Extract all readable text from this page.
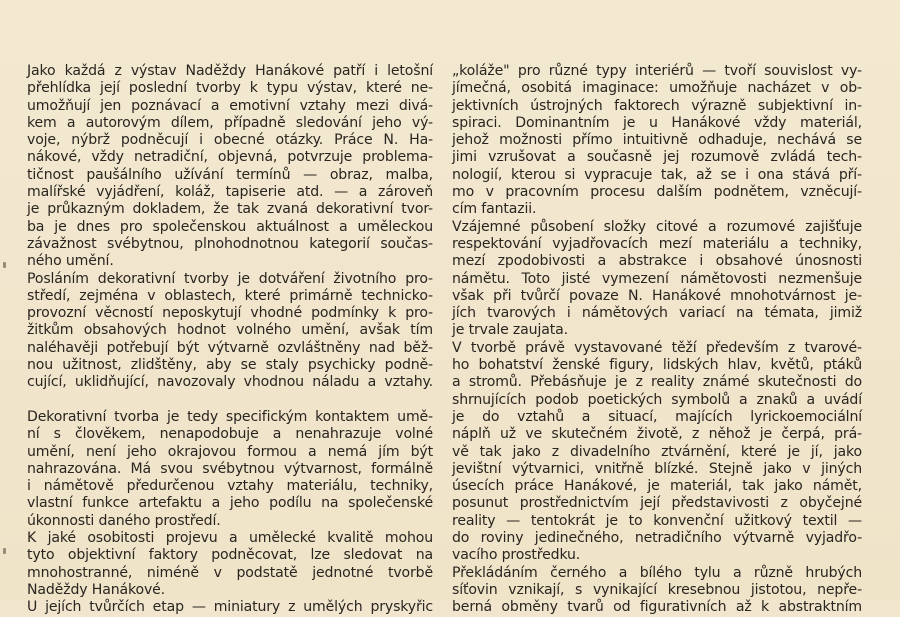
Jako každá z výstav Naděždy Hanákové patří i letošní
přehlídka její poslední tvorby k typu výstav, které ne-
umožňují jen poznávací a emotivní vztahy mezi divá-
kem a autorovým dílem, případně sledování jeho vý-
voje, nýbrž podněcují i obecné otázky. Práce N. Ha-
nákové, vždy netradiční, objevná, potvrzuje problema-
tičnost paušálního užívání termínů — obraz, malba,
malířské vyjádření, koláž, tapiserie atd. — a zároveň
je průkazným dokladem, že tak zvaná dekorativní tvor-
ba je dnes pro společenskou aktuálnost a uměleckou
závažnost svébytnou, plnohodnotnou kategorií součas-
ného umění.
Posláním dekorativní tvorby je dotváření životního pro-
středí, zejména v oblastech, které primárně technicko-
provozní věcností neposkytují vhodné podmínky k pro-
žitkům obsahových hodnot volného umění, avšak tím
naléhavěji potřebují být výtvarně ozvláštněny nad běž-
nou užitnost, zlidštěny, aby se staly psychicky podně-
cující, uklidňující, navozovaly vhodnou náladu a vztahy.
Dekorativní tvorba je tedy specifickým kontaktem umě-
ní s člověkem, nenapodobuje a nenahrazuje volné
umění, není jeho okrajovou formou a nemá jím být
nahrazována. Má svou svébytnou výtvarnost, formálně
i námětově předurčenou vztahy materiálu, techniky,
vlastní funkce artefaktu a jeho podílu na společenské
úkonnosti daného prostředí.
K jaké osobitosti projevu a umělecké kvalitě mohou
tyto objektivní faktory podněcovat, lze sledovat na
mnohostranné, niméně v podstatě jednotné tvorbě
Naděždy Hanákové.
U jejích tvůrčích etap — miniatury z umělých pryskyřic
„koláže" pro různé typy interiérů — tvoří souvislost vy-
jímečná, osobitá imaginace: umožňuje nacházet v ob-
jektivních ústrojných faktorech výrazně subjektivní in-
spiraci. Dominantním je u Hanákové vždy materiál,
jehož možnosti přímo intuitivně odhaduje, nechává se
jimi vzrušovat a současně jej rozumově zvládá tech-
nologií, kterou si vypracuje tak, až se i ona stává pří-
mo v pracovním procesu dalším podnětem, vzněcují-
cím fantazii.
Vzájemné působení složky citové a rozumové zajišťuje
respektování vyjadřovacích mezí materiálu a techniky,
mezí zpodobivosti a abstrakce i obsahové únosnosti
námětu. Toto jisté vymezení námětovosti nezmenšuje
však při tvůrčí povaze N. Hanákové mnohotvárnost je-
jích tvarových i námětových variací na témata, jimiž
je trvale zaujata.
V tvorbě právě vystavované těží především z tvarové-
ho bohatství ženské figury, lidských hlav, květů, ptáků
a stromů. Přebásňuje je z reality známé skutečnosti do
shrnujících podob poetických symbolů a znaků a uvádí
je do vztahů a situací, majících lyrickoemociální
náplň už ve skutečném životě, z něhož je čerpá, prá-
vě tak jako z divadelního ztvárnění, které je jí, jako
jevištní výtvarnici, vnitřně blízké. Stejně jako v jiných
úsecích práce Hanákové, je materiál, tak jako námět,
posunut prostřednictvím její představivosti z obyčejné
reality — tentokrát je to konvenční užitkový textil —
do roviny jedinečného, netradičního výtvarně vyjadřo-
vacího prostředku.
Překládáním černého a bílého tylu a různě hrubých
síťovin vznikají, s vynikající kresebnou jistotou, nepře-
berná obměny tvarů od figurativních až k abstraktním
